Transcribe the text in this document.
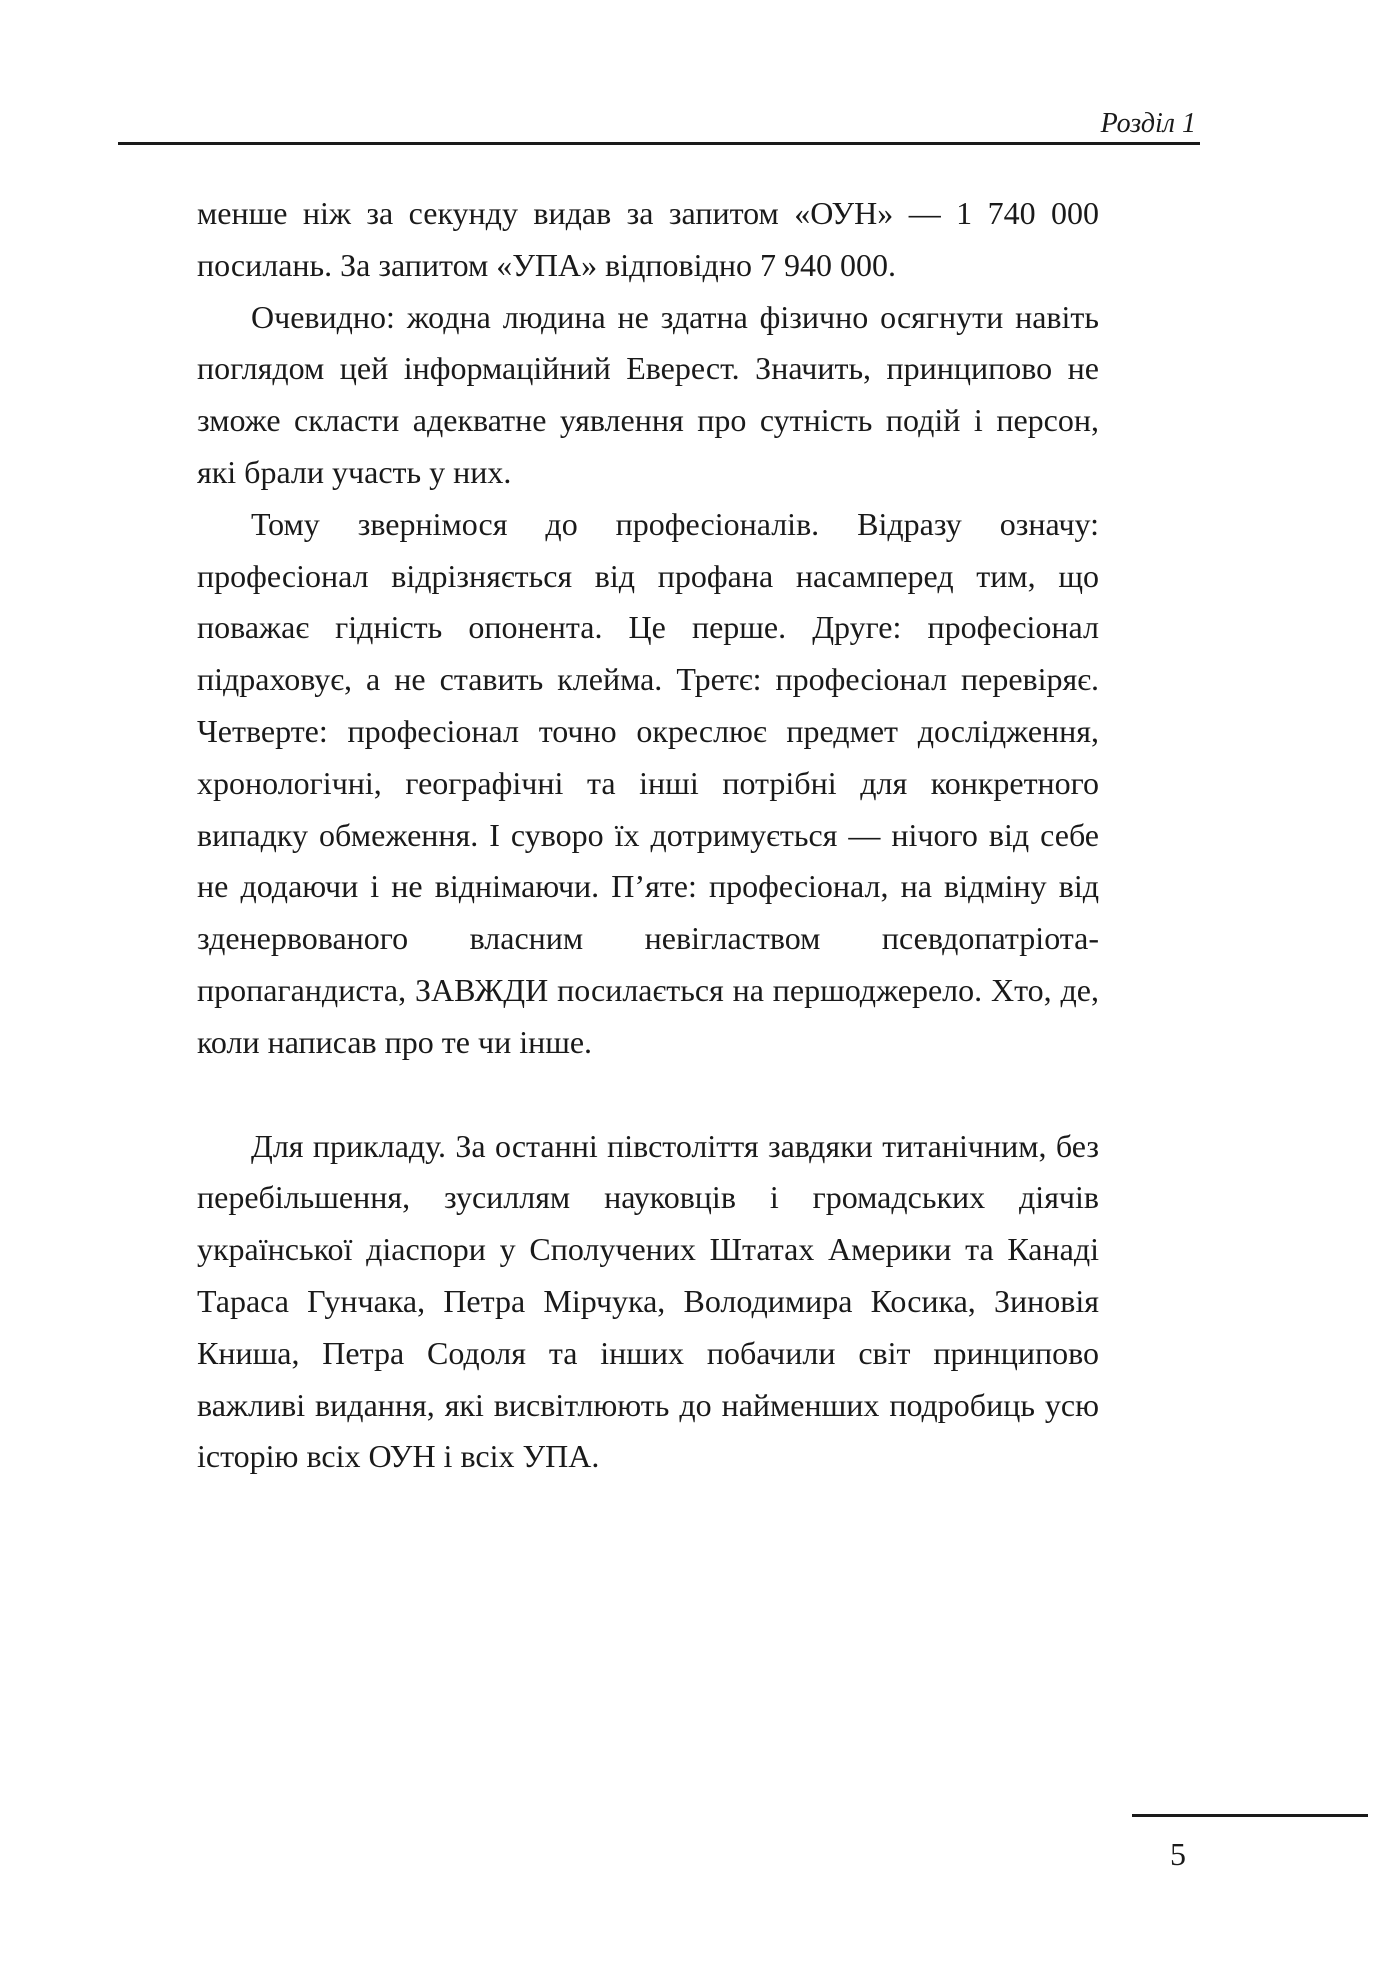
Розділ 1

менше ніж за секунду видав за запитом «ОУН» — 1 740 000 посилань. За запитом «УПА» відповідно 7 940 000.

Очевидно: жодна людина не здатна фізично осягнути навіть поглядом цей інформаційний Еверест. Значить, принципово не зможе скласти адекватне уявлення про сутність подій і персон, які брали участь у них.

Тому звернімося до професіоналів. Відразу означу: професіонал відрізняється від профана насамперед тим, що поважає гідність опонента. Це перше. Друге: професіонал підраховує, а не ставить клейма. Третє: професіонал перевіряє. Четверте: професіонал точно окреслює предмет дослідження, хронологічні, географічні та інші потрібні для конкретного випадку обмеження. І суворо їх дотримується — нічого від себе не додаючи і не віднімаючи. П’яте: професіонал, на відміну від зденервованого власним невіглаством псевдопатріота-пропагандиста, ЗАВЖДИ посилається на першоджерело. Хто, де, коли написав про те чи інше.

Для прикладу. За останні півстоліття завдяки титанічним, без перебільшення, зусиллям науковців і громадських діячів української діаспори у Сполучених Штатах Америки та Канаді Тараса Гунчака, Петра Мірчука, Володимира Косика, Зиновія Книша, Петра Содоля та інших побачили світ принципово важливі видання, які висвітлюють до найменших подробиць усю історію всіх ОУН і всіх УПА.

5
